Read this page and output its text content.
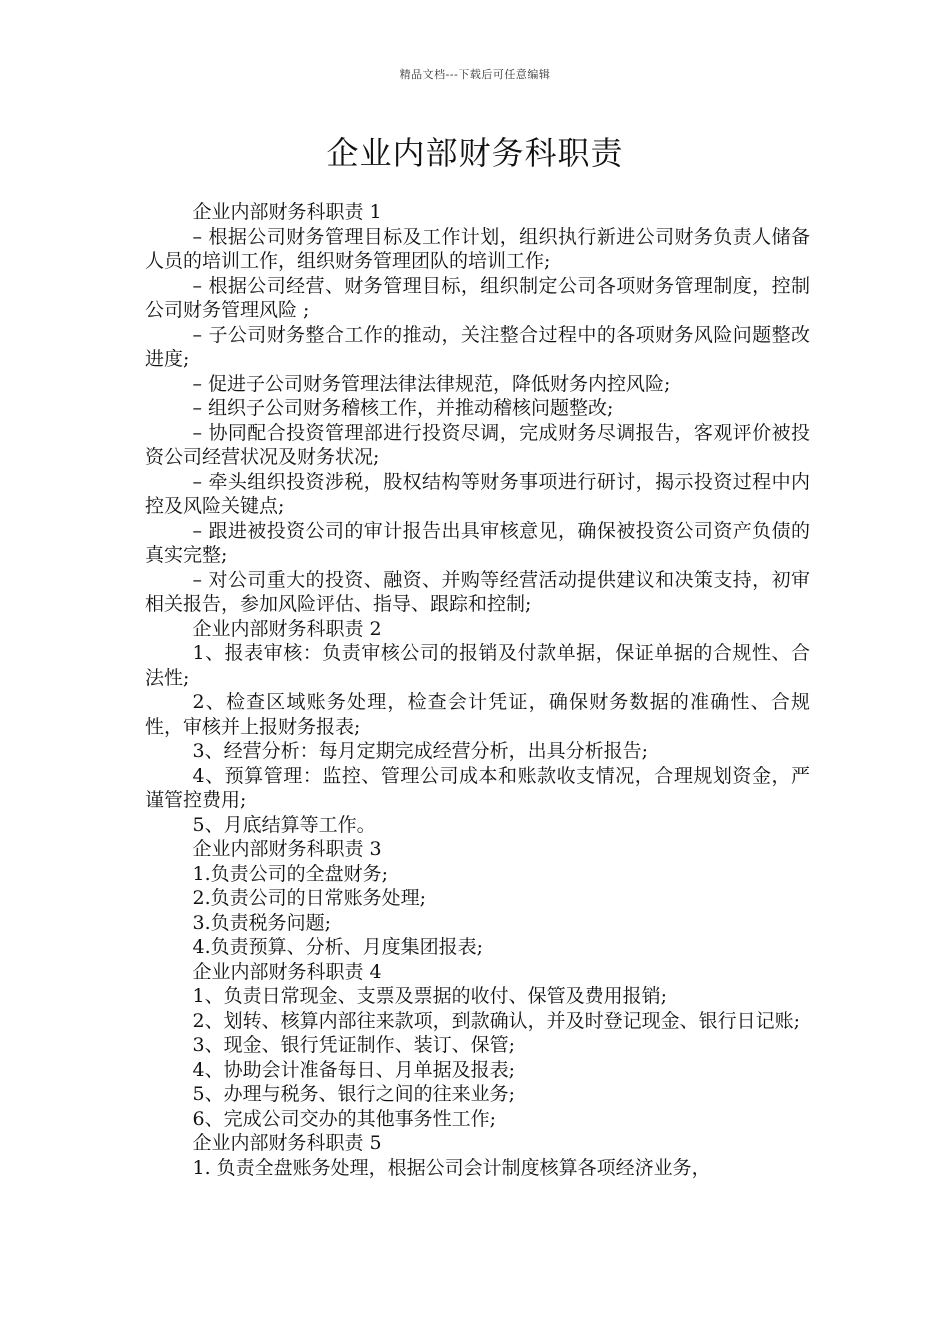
精品文档---下载后可任意编辑
企业内部财务科职责

企业内部财务科职责 1

– 根据公司财务管理目标及工作计划，组织执行新进公司财务负责人储备人员的培训工作，组织财务管理团队的培训工作;

– 根据公司经营、财务管理目标，组织制定公司各项财务管理制度，控制公司财务管理风险 ;

– 子公司财务整合工作的推动，关注整合过程中的各项财务风险问题整改进度;

– 促进子公司财务管理法律法律规范，降低财务内控风险;

– 组织子公司财务稽核工作，并推动稽核问题整改;

– 协同配合投资管理部进行投资尽调，完成财务尽调报告，客观评价被投资公司经营状况及财务状况;

– 牵头组织投资涉税，股权结构等财务事项进行研讨，揭示投资过程中内控及风险关键点;

– 跟进被投资公司的审计报告出具审核意见，确保被投资公司资产负债的真实完整;

– 对公司重大的投资、融资、并购等经营活动提供建议和决策支持，初审相关报告，参加风险评估、指导、跟踪和控制;

企业内部财务科职责 2

1、报表审核：负责审核公司的报销及付款单据，保证单据的合规性、合法性;

2、检查区域账务处理，检查会计凭证，确保财务数据的准确性、合规性，审核并上报财务报表;

3、经营分析：每月定期完成经营分析，出具分析报告;

4、预算管理：监控、管理公司成本和账款收支情况，合理规划资金，严谨管控费用;

5、月底结算等工作。

企业内部财务科职责 3

1.负责公司的全盘财务;

2.负责公司的日常账务处理;

3.负责税务问题;

4.负责预算、分析、月度集团报表;

企业内部财务科职责 4

1、负责日常现金、支票及票据的收付、保管及费用报销;

2、划转、核算内部往来款项，到款确认，并及时登记现金、银行日记账;

3、现金、银行凭证制作、装订、保管;

4、协助会计准备每日、月单据及报表;

5、办理与税务、银行之间的往来业务;

6、完成公司交办的其他事务性工作;

企业内部财务科职责 5

1. 负责全盘账务处理，根据公司会计制度核算各项经济业务，
